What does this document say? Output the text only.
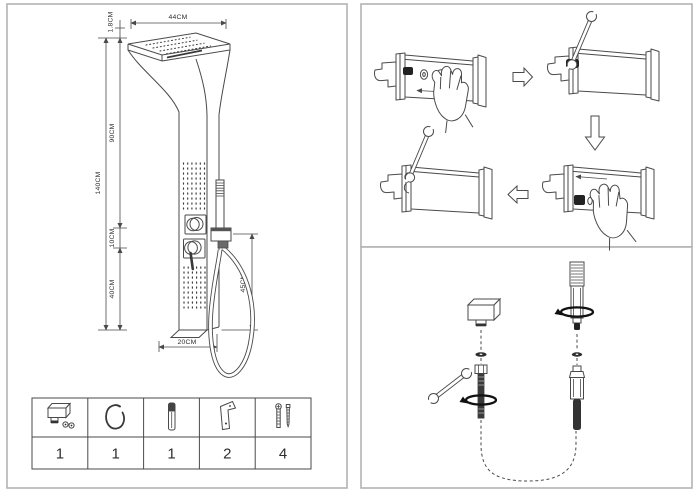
44CM
1.8CM
90CM
140CM
10CM
40CM	45CM
20CM
1	1	1	2	4
